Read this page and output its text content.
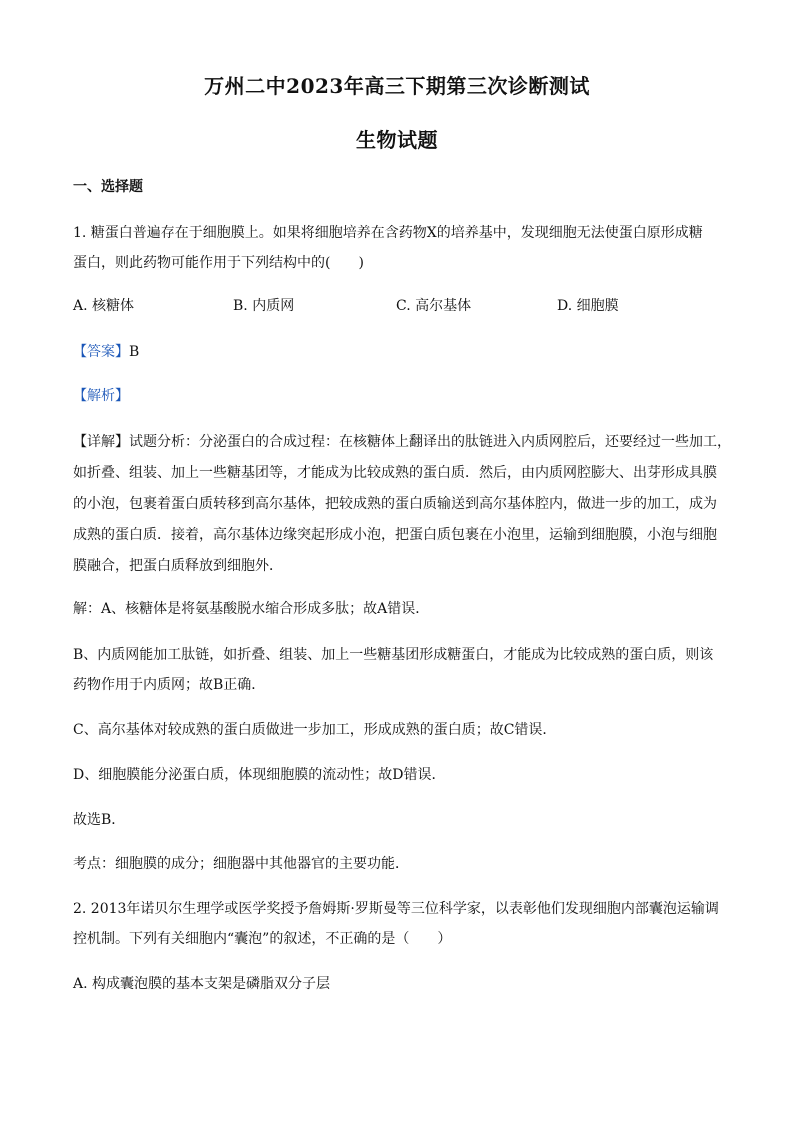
万州二中2023年高三下期第三次诊断测试
生物试题
一、选择题
1. 糖蛋白普遍存在于细胞膜上。如果将细胞培养在含药物X的培养基中，发现细胞无法使蛋白原形成糖
蛋白，则此药物可能作用于下列结构中的(　　)
A. 核糖体	B. 内质网	C. 高尔基体	D. 细胞膜
【答案】B
【解析】
【详解】试题分析：分泌蛋白的合成过程：在核糖体上翻译出的肽链进入内质网腔后，还要经过一些加工，
如折叠、组装、加上一些糖基团等，才能成为比较成熟的蛋白质．然后，由内质网腔膨大、出芽形成具膜
的小泡，包裹着蛋白质转移到高尔基体，把较成熟的蛋白质输送到高尔基体腔内，做进一步的加工，成为
成熟的蛋白质．接着，高尔基体边缘突起形成小泡，把蛋白质包裹在小泡里，运输到细胞膜，小泡与细胞
膜融合，把蛋白质释放到细胞外．
解：A、核糖体是将氨基酸脱水缩合形成多肽；故A错误．
B、内质网能加工肽链，如折叠、组装、加上一些糖基团形成糖蛋白，才能成为比较成熟的蛋白质，则该
药物作用于内质网；故B正确．
C、高尔基体对较成熟的蛋白质做进一步加工，形成成熟的蛋白质；故C错误．
D、细胞膜能分泌蛋白质，体现细胞膜的流动性；故D错误．
故选B．
考点：细胞膜的成分；细胞器中其他器官的主要功能．
2. 2013年诺贝尔生理学或医学奖授予詹姆斯·罗斯曼等三位科学家，以表彰他们发现细胞内部囊泡运输调
控机制。下列有关细胞内“囊泡”的叙述，不正确的是（　　）
A. 构成囊泡膜的基本支架是磷脂双分子层
